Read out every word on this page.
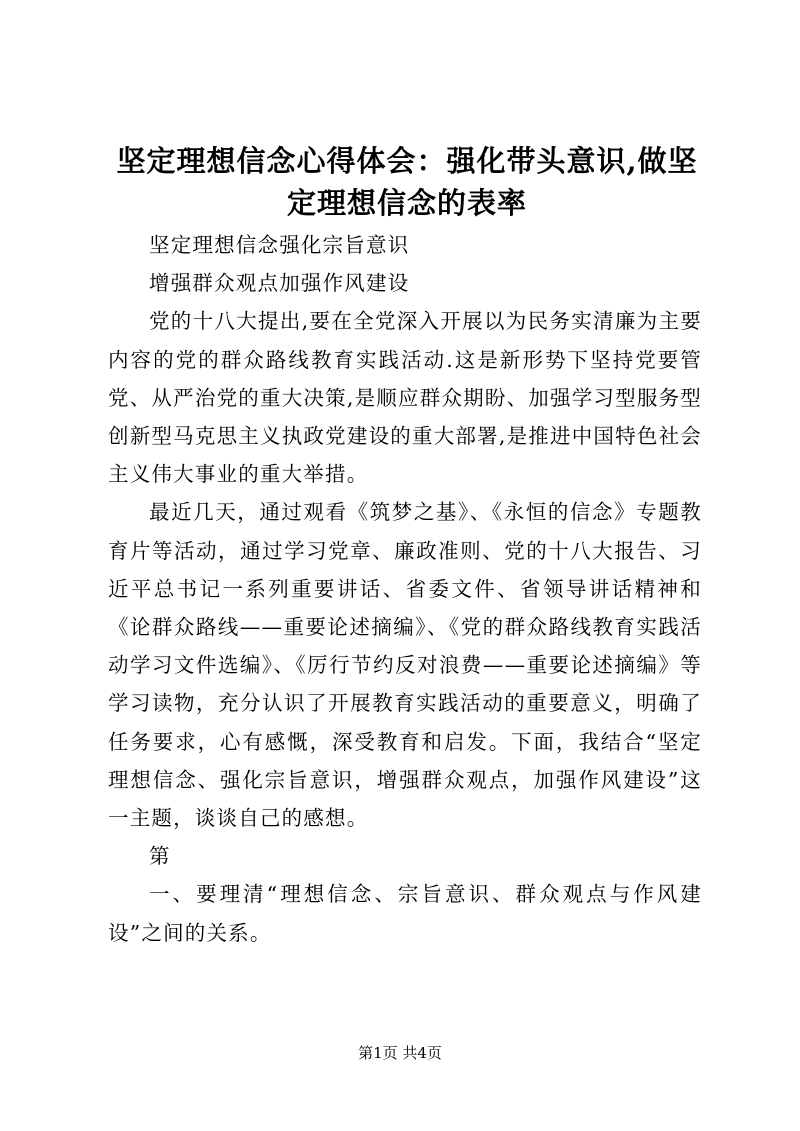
坚定理想信念心得体会：强化带头意识,做坚定理想信念的表率

坚定理想信念强化宗旨意识

增强群众观点加强作风建设

党的十八大提出,要在全党深入开展以为民务实清廉为主要内容的党的群众路线教育实践活动.这是新形势下坚持党要管党、从严治党的重大决策,是顺应群众期盼、加强学习型服务型创新型马克思主义执政党建设的重大部署,是推进中国特色社会主义伟大事业的重大举措。

最近几天，通过观看《筑梦之基》、《永恒的信念》专题教育片等活动，通过学习党章、廉政准则、党的十八大报告、习近平总书记一系列重要讲话、省委文件、省领导讲话精神和《论群众路线——重要论述摘编》、《党的群众路线教育实践活动学习文件选编》、《厉行节约反对浪费——重要论述摘编》等学习读物，充分认识了开展教育实践活动的重要意义，明确了任务要求，心有感慨，深受教育和启发。下面，我结合“坚定理想信念、强化宗旨意识，增强群众观点，加强作风建设”这一主题，谈谈自己的感想。

第

一、要理清“理想信念、宗旨意识、群众观点与作风建设”之间的关系。

第1页 共4页
